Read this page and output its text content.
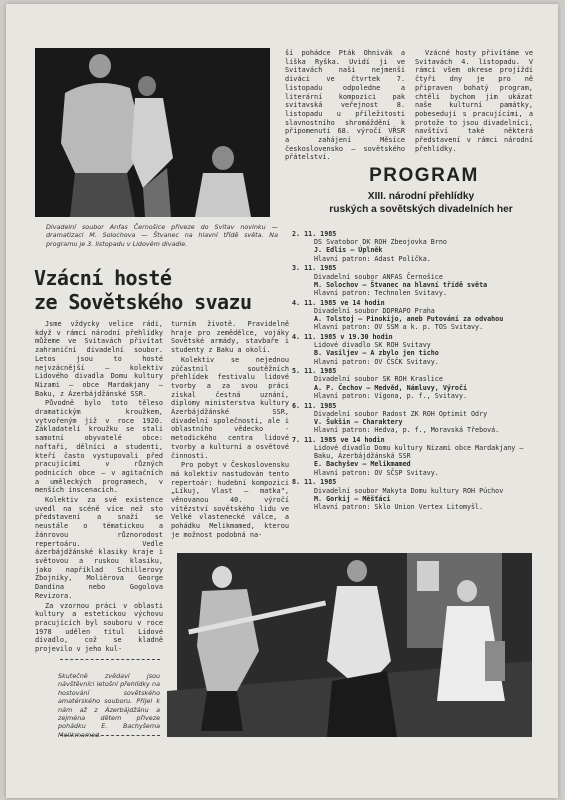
Divadelní soubor Anfas Černošice přiveze do Svitav novinku — dramatizaci M. Solochova — Štvanec na hlavní třídě světa. Na programu je 3. listopadu v Lidovém divadle.
Vzácní hosté
ze Sovětského svazu

Jsme vždycky velice rádi, když v rámci národní přehlídky můžeme ve Svitavách přivítat zahraniční divadelní soubor. Letos jsou to hosté nejvzácnější — kolektiv Lidového divadla Domu kultury Nizami — obce Mardakjany — Baku, z Ázerbájdžánské SSR.

Původně bylo toto těleso dramatickým kroužkem, vytvořeným již v roce 1920. Základatelí kroužku se stali samotní obyvatelé obce: naftaři, dělníci a studenti, kteří často vystupovali před pracujícími v různých podnicích obce — v agitačních a uměleckých programech, v menších inscenacích.

Kolektiv za své existence uvedl na scéně více než sto představení a snaží se neustále o tématickou a žánrovou různorodost repertoáru. Vedle ázerbájdžánské klasiky kraje i světovou a ruskou klasiku, jako například Schillerovy Zbojníky, Molièrova George Dandina nebo Gogolova Revizora.

Za vzornou práci v oblasti kultury a estetickou výchovu pracujících byl souboru v roce 1978 udělen titul Lidové divadlo, což se kladně projevilo v jeho kul-

turním životě. Pravidelně hraje pro zemědělce, vojáky Sovětské armády, stavbaře i studenty z Baku a okolí.

Kolektiv se nejednou zúčastnil soutěžních přehlídek festivalu lidové tvorby a za svou práci získal čestná uznání, diplomy ministerstva kultury Ázerbájdžánské SSR, divadelní společnosti, ale i oblastního vědecko - metodického centra lidové tvorby a kulturní a osvětové činnosti.

Pro pobyt v Československu má kolektiv nastudován tento repertoár: hudební kompozici „Líkuj, Vlast — matka", věnovanou 40. výročí vítězství sovětského lidu ve Velké vlastenecké válce, a pohádku Melikmamed, kterou je možnost podobná na-

ší pohádce Pták Ohnivák a liška Ryška. Uvidí ji ve Svitavách naši nejmenší diváci ve čtvrtek 7. listopadu odpoledne a literární kompozici pak svitavská veřejnost 8. listopadu u příležitosti slavnostního shromáždění k připomenutí 68. výročí VŘSR a zahájení Měsíce československo — sovětského přátelství.

Vzácné hosty přivítáme ve Svitavách 4. listopadu. V rámci všem okrese projíždí čtyři dny je pro ně připraven bohatý program, chtěli bychom jim ukázat naše kulturní památky, pobesedují s pracujícími, a protože to jsou divadelníci, navštíví také některá představení v rámci národní přehlídky.

PROGRAM
XIII. národní přehlídky
ruských a sovětských divadelních her
2. 11. 1985
DS Svatobor DK ROH Zbeojovka Brno
J. Edlis — Úplněk
Hlavní patron: Adast Polička.
3. 11. 1985
Divadelní soubor ANFAS Černošice
M. Solochov — Štvanec na hlavní třídě světa
Hlavní patron: Technolen Svitavy.
4. 11. 1985 ve 14 hodin
Divadelní soubor DDPRAPO Praha
A. Tolstoj — Pinokijo, aneb Putování za odvahou
Hlavní patron: OV SSM a k. p. TOS Svitavy.
4. 11. 1985 v 19.30 hodin
Lidové divadlo SK ROH Svitavy
B. Vasiljev — A zbylo jen ticho
Hlavní patron: OV ČSČK Svitavy.
5. 11. 1985
Divadelní soubor SK ROH Kraslice
A. P. Čechov — Medvěd, Námluvy, Výročí
Hlavní patron: Vígona, p. f., Svitavy.
6. 11. 1985
Divadelní soubor Radost ZK ROH Optimit Odry
V. Šukšin — Charaktery
Hlavní patron: Hedva, p. f., Moravská Třebová.
7. 11. 1985 ve 14 hodin
Lidové divadlo Domu kultury Nizami obce Mardakjany — Baku, Ázerbájdžánská SSR
E. Bachyšev — Melikmamed
Hlavní patron: OV SČSP Svitavy.
8. 11. 1985
Divadelní soubor Makyta Domu kultury ROH Púchov
M. Gorkij — Měšťáci
Hlavní patron: Sklo Union Vertex Litomyšl.
Skutečně zvědaví jsou návštěvníci letošní přehlídky na hostování sovětského amatérského souboru. Přijel k nám až z Ázerbájdžánu a zejména dětem přiveze pohádku E. Bachyšema Melikmamed.
